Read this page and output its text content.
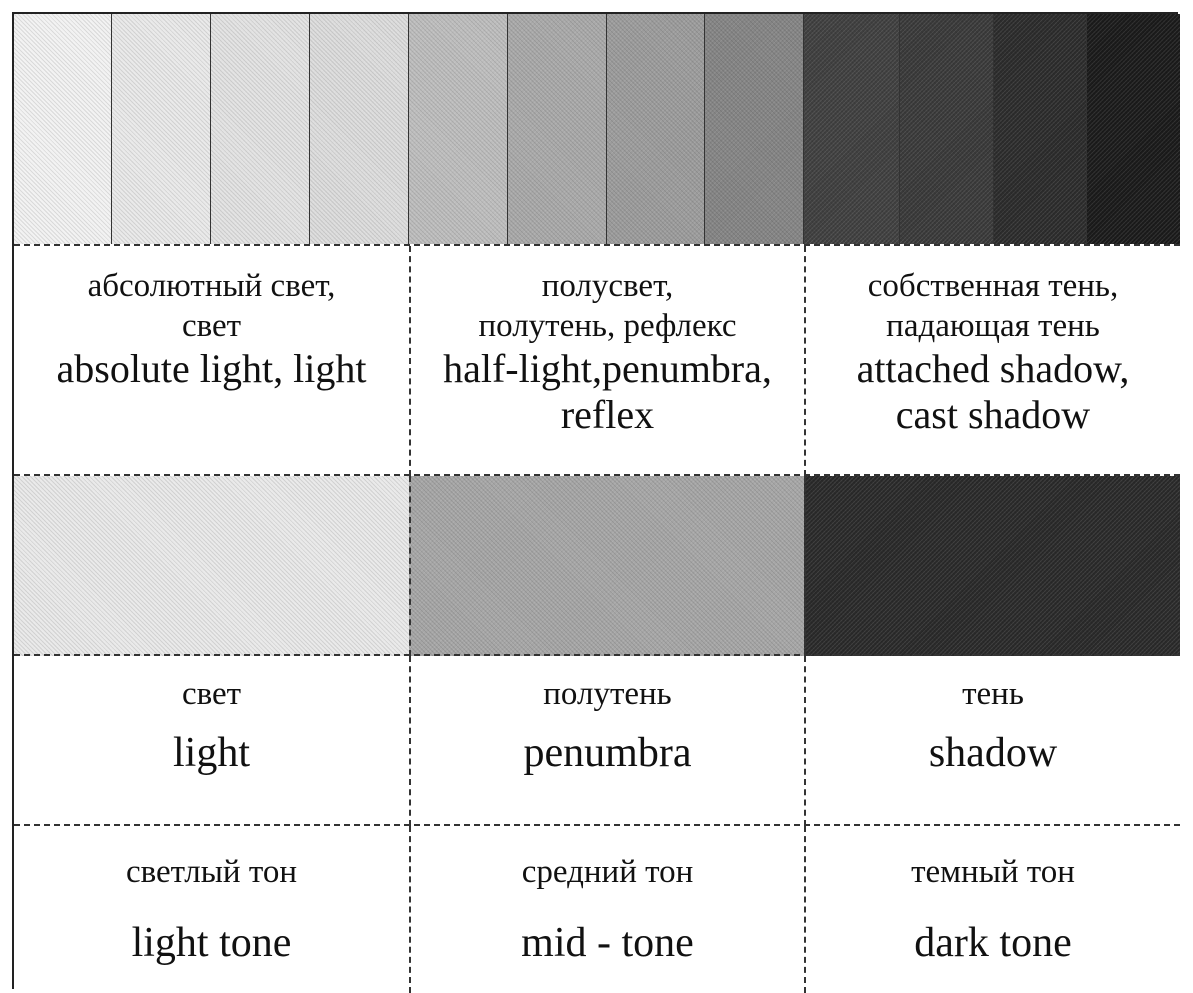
абсолютный свет,
свет
absolute light, light
полусвет,
полутень, рефлекс
half-light,penumbra,
reflex
собственная тень,
падающая тень
attached shadow,
cast shadow
свет
light
полутень
penumbra
тень
shadow
светлый тон
light tone
средний тон
mid - tone
темный тон
dark tone
